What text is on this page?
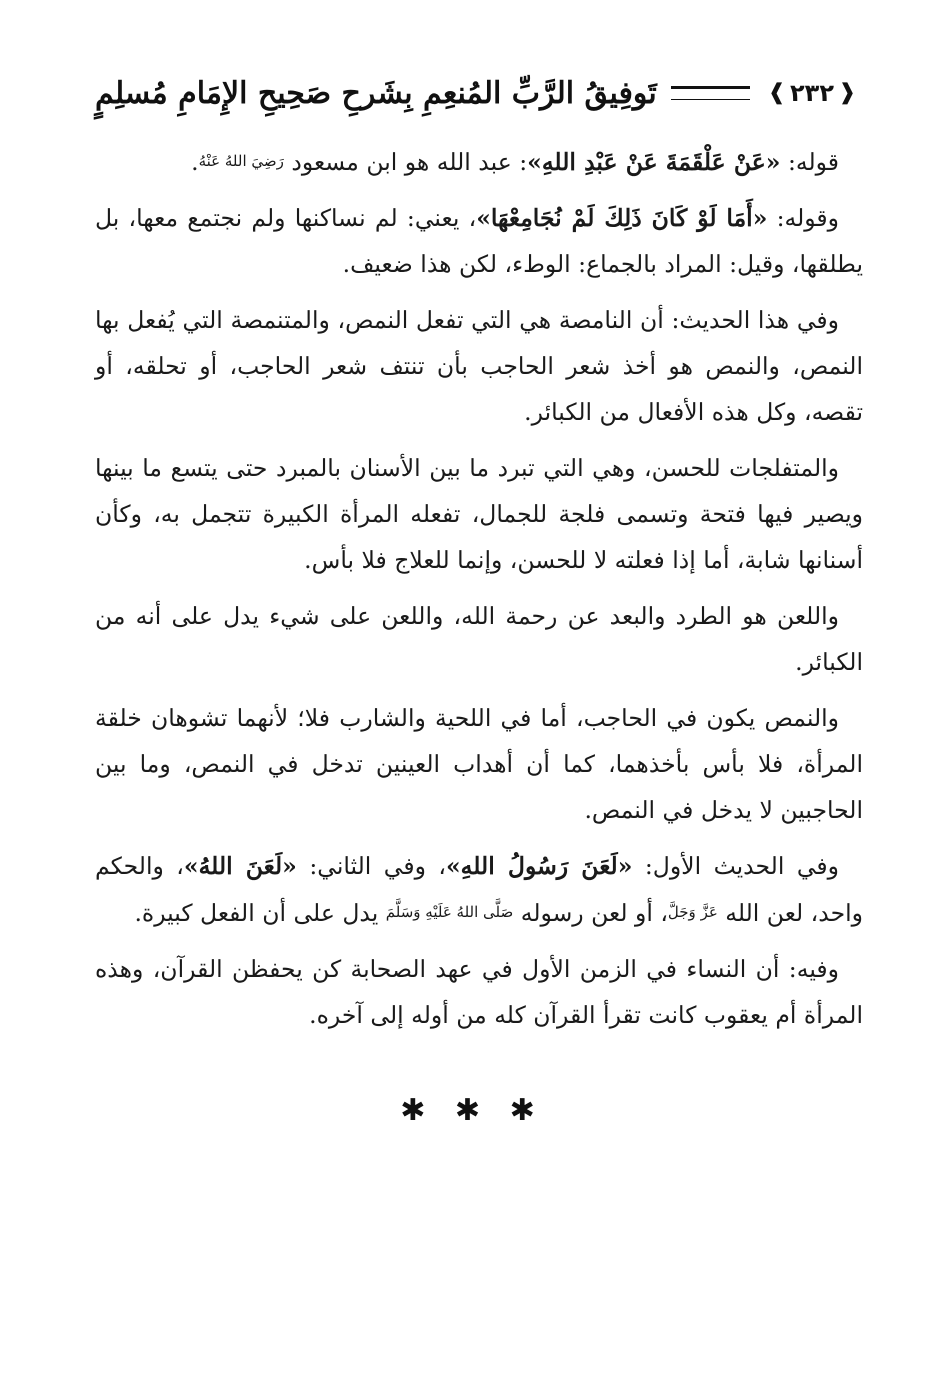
❰
٢٣٢
❱
تَوفِيقُ الرَّبِّ المُنعِمِ بِشَرحِ صَحِيحِ الإِمَامِ مُسلِمٍ

قوله: «عَنْ عَلْقَمَةَ عَنْ عَبْدِ اللهِ»: عبد الله هو ابن مسعود رَضِيَ اللهُ عَنْهُ.

وقوله: «أَمَا لَوْ كَانَ ذَلِكَ لَمْ نُجَامِعْهَا»، يعني: لم نساكنها ولم نجتمع معها، بل يطلقها، وقيل: المراد بالجماع: الوطء، لكن هذا ضعيف.

وفي هذا الحديث: أن النامصة هي التي تفعل النمص، والمتنمصة التي يُفعل بها النمص، والنمص هو أخذ شعر الحاجب بأن تنتف شعر الحاجب، أو تحلقه، أو تقصه، وكل هذه الأفعال من الكبائر.

والمتفلجات للحسن، وهي التي تبرد ما بين الأسنان بالمبرد حتى يتسع ما بينها ويصير فيها فتحة وتسمى فلجة للجمال، تفعله المرأة الكبيرة تتجمل به، وكأن أسنانها شابة، أما إذا فعلته لا للحسن، وإنما للعلاج فلا بأس.

واللعن هو الطرد والبعد عن رحمة الله، واللعن على شيء يدل على أنه من الكبائر.

والنمص يكون في الحاجب، أما في اللحية والشارب فلا؛ لأنهما تشوهان خلقة المرأة، فلا بأس بأخذهما، كما أن أهداب العينين تدخل في النمص، وما بين الحاجبين لا يدخل في النمص.

وفي الحديث الأول: «لَعَنَ رَسُولُ اللهِ»، وفي الثاني: «لَعَنَ اللهُ»، والحكم واحد، لعن الله عَزَّ وَجَلَّ، أو لعن رسوله صَلَّى اللهُ عَلَيْهِ وَسَلَّمَ يدل على أن الفعل كبيرة.

وفيه: أن النساء في الزمن الأول في عهد الصحابة كن يحفظن القرآن، وهذه المرأة أم يعقوب كانت تقرأ القرآن كله من أوله إلى آخره.

✱ ✱ ✱
